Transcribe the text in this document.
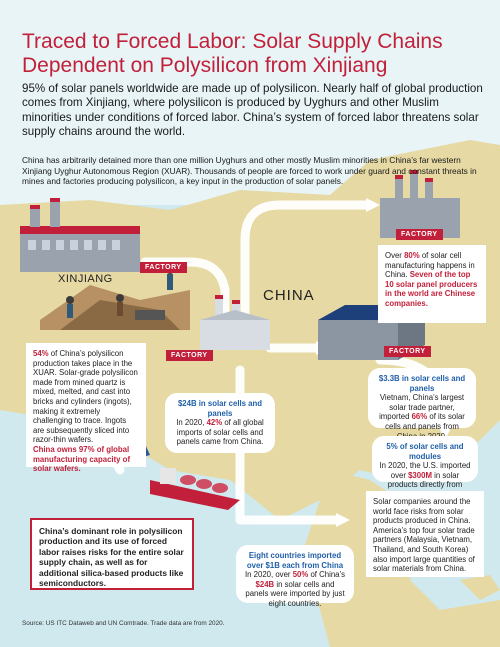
Traced to Forced Labor: Solar Supply Chains Dependent on Polysilicon from Xinjiang

95% of solar panels worldwide are made up of polysilicon. Nearly half of global production comes from Xinjiang, where polysilicon is produced by Uyghurs and other Muslim minorities under conditions of forced labor. China’s system of forced labor threatens solar supply chains around the world.

China has arbitrarily detained more than one million Uyghurs and other mostly Muslim minorities in China’s far western Xinjiang Uyghur Autonomous Region (XUAR). Thousands of people are forced to work under guard and constant threats in mines and factories producing polysilicon, a key input in the production of solar panels.

XINJIANG
CHINA
FACTORY
FACTORY
FACTORY
FACTORY
54% of China’s polysilicon production takes place in the XUAR. Solar-grade polysilicon made from mined quartz is mixed, melted, and cast into bricks and cylinders (ingots), making it extremely challenging to trace. Ingots are subsequently sliced into razor-thin wafers.
China owns 97% of global manufacturing capacity of solar wafers.
Over 80% of solar cell manufacturing happens in China. Seven of the top 10 solar panel producers in the world are Chinese companies.
$24B in solar cells and panels
In 2020, 42% of all global imports of solar cells and panels came from China.
$3.3B in solar cells and panels
Vietnam, China’s largest solar trade partner, imported 66% of its solar cells and panels from
5% of solar cells and modules
In 2020, the U.S. imported over $300M in solar products directly from
Solar companies around the world face risks from solar products produced in China. America’s top four solar trade partners (Malaysia, Vietnam, Thailand, and South Korea) also import large quantities of solar materials from China.
Eight countries imported over $1B each from China
In 2020, over 50% of China’s $24B in solar cells and panels were imported by just eight countries.
China’s dominant role in polysilicon production and its use of forced labor raises risks for the entire solar supply chain, as well as for additional silica-based products like semiconductors.
Source: US ITC Dataweb and UN Comtrade. Trade data are from 2020.
